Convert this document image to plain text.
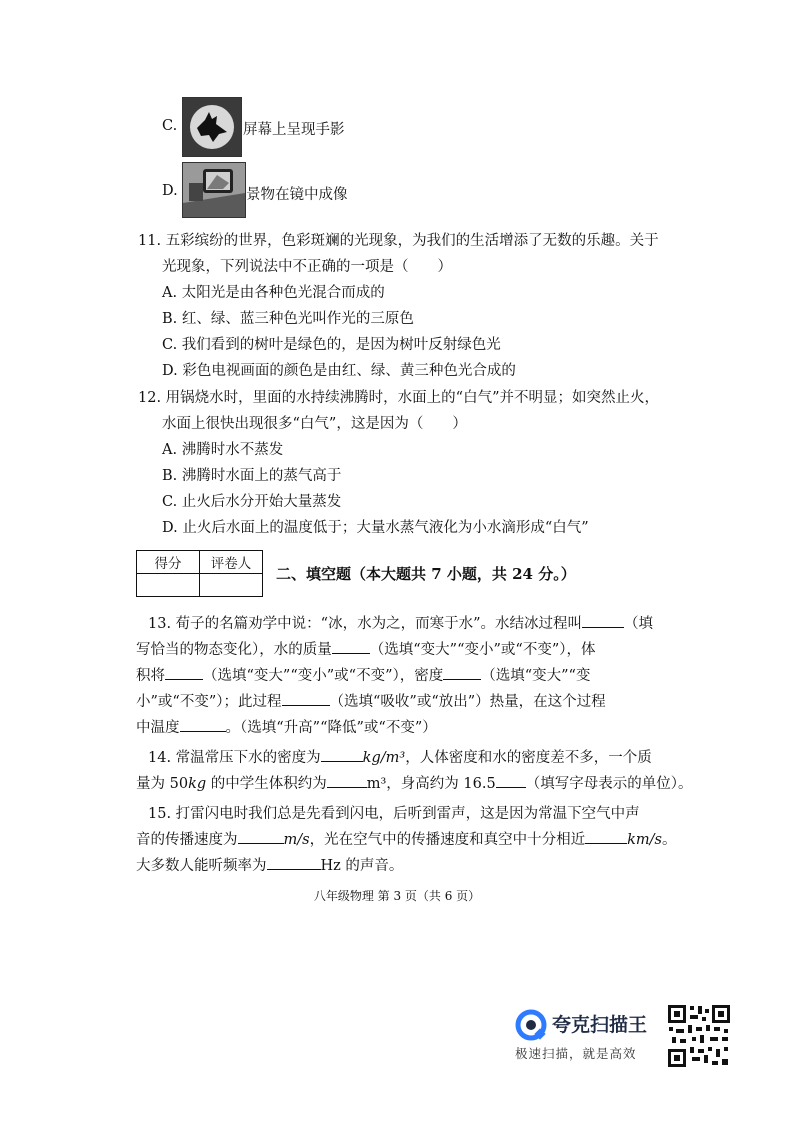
C.	屏幕上呈现手影
D.	景物在镜中成像
11. 五彩缤纷的世界，色彩斑斓的光现象，为我们的生活增添了无数的乐趣。关于
光现象，下列说法中不正确的一项是（　　）
A. 太阳光是由各种色光混合而成的
B. 红、绿、蓝三种色光叫作光的三原色
C. 我们看到的树叶是绿色的，是因为树叶反射绿色光
D. 彩色电视画面的颜色是由红、绿、黄三种色光合成的
12. 用锅烧水时，里面的水持续沸腾时，水面上的“白气”并不明显；如突然止火，
水面上很快出现很多“白气”，这是因为（　　）
A. 沸腾时水不蒸发
B. 沸腾时水面上的蒸气高于
C. 止火后水分开始大量蒸发
D. 止火后水面上的温度低于；大量水蒸气液化为小水滴形成“白气”
得分	评卷人

二、填空题（本大题共 7 小题，共 24 分。）
13. 荀子的名篇劝学中说：“冰，水为之，而寒于水”。水结冰过程叫	（填
写恰当的物态变化），水的质量	（选填“变大”“变小”或“不变”），体
积将	（选填“变大”“变小”或“不变”），密度	（选填“变大”“变
小”或“不变”）；此过程	（选填“吸收”或“放出”）热量，在这个过程
中温度	。（选填“升高”“降低”或“不变”）
14. 常温常压下水的密度为	kg/m³，人体密度和水的密度差不多，一个质
量为 50kg 的中学生体积约为	m³，身高约为 16.5 （填写字母表示的单位）。
15. 打雷闪电时我们总是先看到闪电，后听到雷声，这是因为常温下空气中声
音的传播速度为	m/s，光在空气中的传播速度和真空中十分相近	km/s。
大多数人能听频率为	Hz 的声音。
八年级物理 第 3 页（共 6 页）
夸克扫描王
极速扫描，就是高效
